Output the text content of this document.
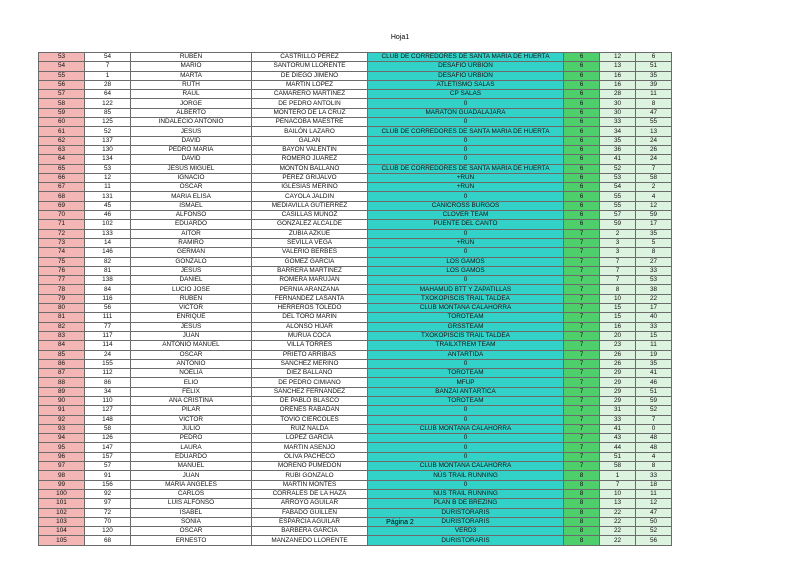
Hoja1
53	54	RUBÉN	CASTRILLO PÉREZ	CLUB DE CORREDORES DE SANTA MARIA DE HUERTA	6	12	6
54	7	MARIO	SANTORUM LLORENTE	DESAFIO URBION	6	13	51
55	1	MARTA	DE DIEGO JIMENO	DESAFIO URBION	6	16	35
56	28	RUTH	MARTIN LÓPEZ	ATLETISMO SALAS	6	16	39
57	64	RAUL	CAMARERO MARTINEZ	CP SALAS	6	28	11
58	122	JORGE	DE PEDRO ANTOLIN	0	6	30	8
59	85	ALBERTO	MONTERO DE LA CRUZ	MARATON GUADALAJARA	6	30	47
60	125	INDALECIO ANTONIO	PEÑACOBA MAESTRE	0	6	33	55
61	52	JESUS	BAILÓN LAZARO	CLUB DE CORREDORES DE SANTA MARIA DE HUERTA	6	34	13
62	137	DAVID	GALAN	0	6	35	24
63	130	PEDRO MARIA	BAYON VALENTIN	0	6	36	26
64	134	DAVID	ROMERO JUAREZ	0	6	41	24
65	53	JESUS MIGUEL	MONTÓN BALLANO	CLUB DE CORREDORES DE SANTA MARIA DE HUERTA	6	52	7
66	12	IGNACIO	PÉREZ GRIJALVO	+RUN	6	53	58
67	11	OSCAR	IGLESIAS MERINO	+RUN	6	54	2
68	131	MARIA ELISA	CAYOLA JALDIN	0	6	55	4
69	45	ISMAEL	MEDIAVILLA GUTIERREZ	CANICROSS BURGOS	6	55	12
70	46	ALFONSO	CASILLAS MUÑOZ	CLOVER TEAM	6	57	59
71	102	EDUARDO	GONZÁLEZ ALCALDE	PUENTE DEL CANTO	6	59	17
72	133	AITOR	ZUBIA AZKUE	0	7	2	35
73	14	RAMIRO	SEVILLA VEGA	+RUN	7	3	5
74	146	GERMAN	VALERIO BERBES	0	7	3	8
75	82	GONZALO	GÓMEZ GARCÍA	LOS GAMOS	7	7	27
76	81	JESUS	BARRERA MARTINEZ	LOS GAMOS	7	7	33
77	138	DANIEL	ROMERA MARUJAN	0	7	7	53
78	84	LUCIO JOSE	PERNIA ARANZANA	MAHAMUD BTT Y ZAPATILLAS	7	8	38
79	116	RUBEN	FERNÁNDEZ LASANTA	TXOKOPISCIS TRAIL TALDEA	7	10	22
80	56	VICTOR	HERREROS TOLEDO	CLUB MONTAÑA CALAHORRA	7	15	17
81	111	ENRIQUE	DEL TORO MARIN	TOROTEAM	7	15	40
82	77	JESÚS	ALONSO HIJAR	GRSSTEAM	7	16	33
83	117	JUAN	MURUA COCA	TXOKOPISCIS TRAIL TALDEA	7	20	15
84	114	ANTONIO MANUEL	VILLA TORRES	TRAILXTREM TEAM	7	23	11
85	24	OSCAR	PRIETO ARRIBAS	ANTARTIDA	7	26	19
86	155	ANTONIO	SÁNCHEZ MERINO	0	7	26	35
87	112	NOELIA	DIEZ BALLANO	TOROTEAM	7	29	41
88	86	ELIO	DE PEDRO CIMIANO	MFUP	7	29	46
89	34	FÉLIX	SÁNCHEZ FERNÁNDEZ	BANZAI ANTÁRTICA	7	29	51
90	110	ANA CRISTINA	DE PABLO BLASCO	TOROTEAM	7	29	59
91	127	PILAR	ORENES RABADAN	0	7	31	52
92	148	VICTOR	TOVIO CIERCOLES	0	7	33	7
93	58	JULIO	RUIZ NALDA	CLUB MONTAÑA CALAHORRA	7	41	0
94	126	PEDRO	LÓPEZ GARCÍA	0	7	43	48
95	147	LAURA	MARTIN ASENJO	0	7	44	48
96	157	EDUARDO	OLIVA PACHECO	0	7	51	4
97	57	MANUEL	MORENO PUMEDON	CLUB MONTAÑA CALAHORRA	7	58	8
98	91	JUAN	RUBI GONZALO	NÚS TRAIL RUNNING	8	1	33
99	156	MARÍA ÁNGELES	MARTÍN MONTES	0	8	7	18
100	92	CARLOS	CORRALES DE LA HAZA	NÚS TRAIL RUNNING	8	10	11
101	97	LUIS ALFONSO	ARROYO AGUILAR	PLAN B DE BREZING	8	13	12
102	72	ISABEL	FABADO GUILLÉN	DURISTORARIS	8	22	47
103	70	SONIA	ESPARCIA AGUILAR	DURISTORARIS	8	22	50
104	120	ÓSCAR	BARBERA GARCÍA	VERD3	8	22	52
105	68	ERNESTO	MANZANEDO LLORENTE	DURISTORARIS	8	22	56
Página 2
